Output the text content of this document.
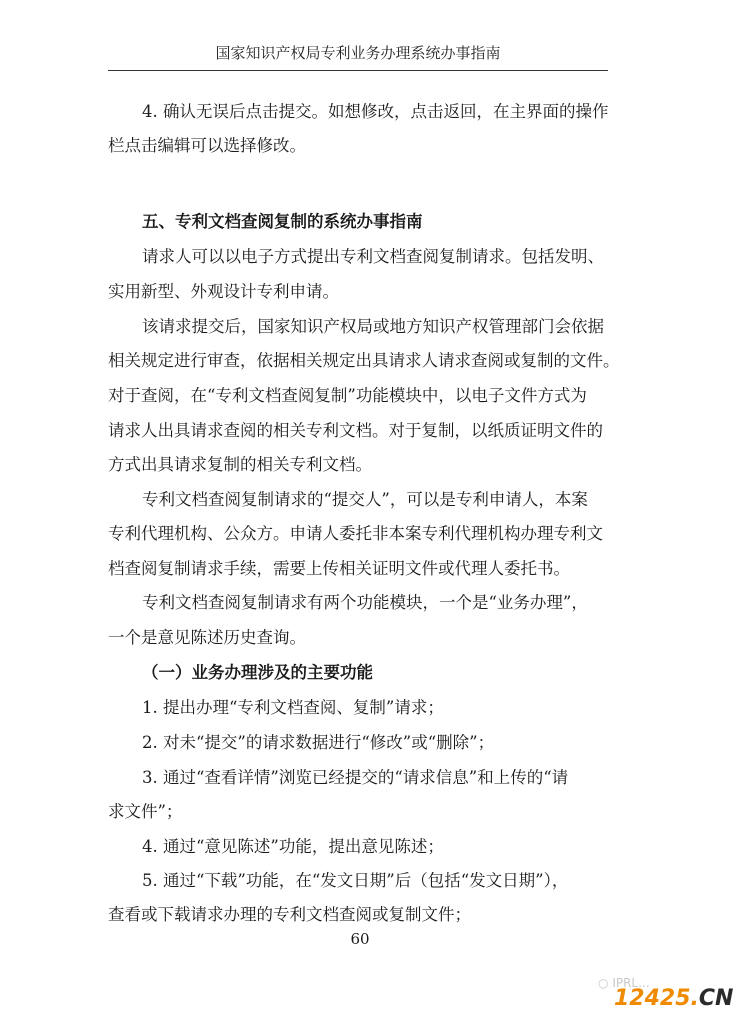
国家知识产权局专利业务办理系统办事指南
4. 确认无误后点击提交。如想修改，点击返回，在主界面的操作
栏点击编辑可以选择修改。
五、专利文档查阅复制的系统办事指南
请求人可以以电子方式提出专利文档查阅复制请求。包括发明、
实用新型、外观设计专利申请。
该请求提交后，国家知识产权局或地方知识产权管理部门会依据
相关规定进行审查，依据相关规定出具请求人请求查阅或复制的文件。
对于查阅，在“专利文档查阅复制”功能模块中，以电子文件方式为
请求人出具请求查阅的相关专利文档。对于复制，以纸质证明文件的
方式出具请求复制的相关专利文档。
专利文档查阅复制请求的“提交人”，可以是专利申请人，本案
专利代理机构、公众方。申请人委托非本案专利代理机构办理专利文
档查阅复制请求手续，需要上传相关证明文件或代理人委托书。
专利文档查阅复制请求有两个功能模块，一个是“业务办理”，
一个是意见陈述历史查询。
（一）业务办理涉及的主要功能
1. 提出办理“专利文档查阅、复制”请求；
2. 对未“提交”的请求数据进行“修改”或“删除”；
3. 通过“查看详情”浏览已经提交的“请求信息”和上传的“请
求文件”；
4. 通过“意见陈述”功能，提出意见陈述；
5. 通过“下载”功能，在“发文日期”后（包括“发文日期”），
查看或下载请求办理的专利文档查阅或复制文件；
60
○ IPRL...
12425.CN
